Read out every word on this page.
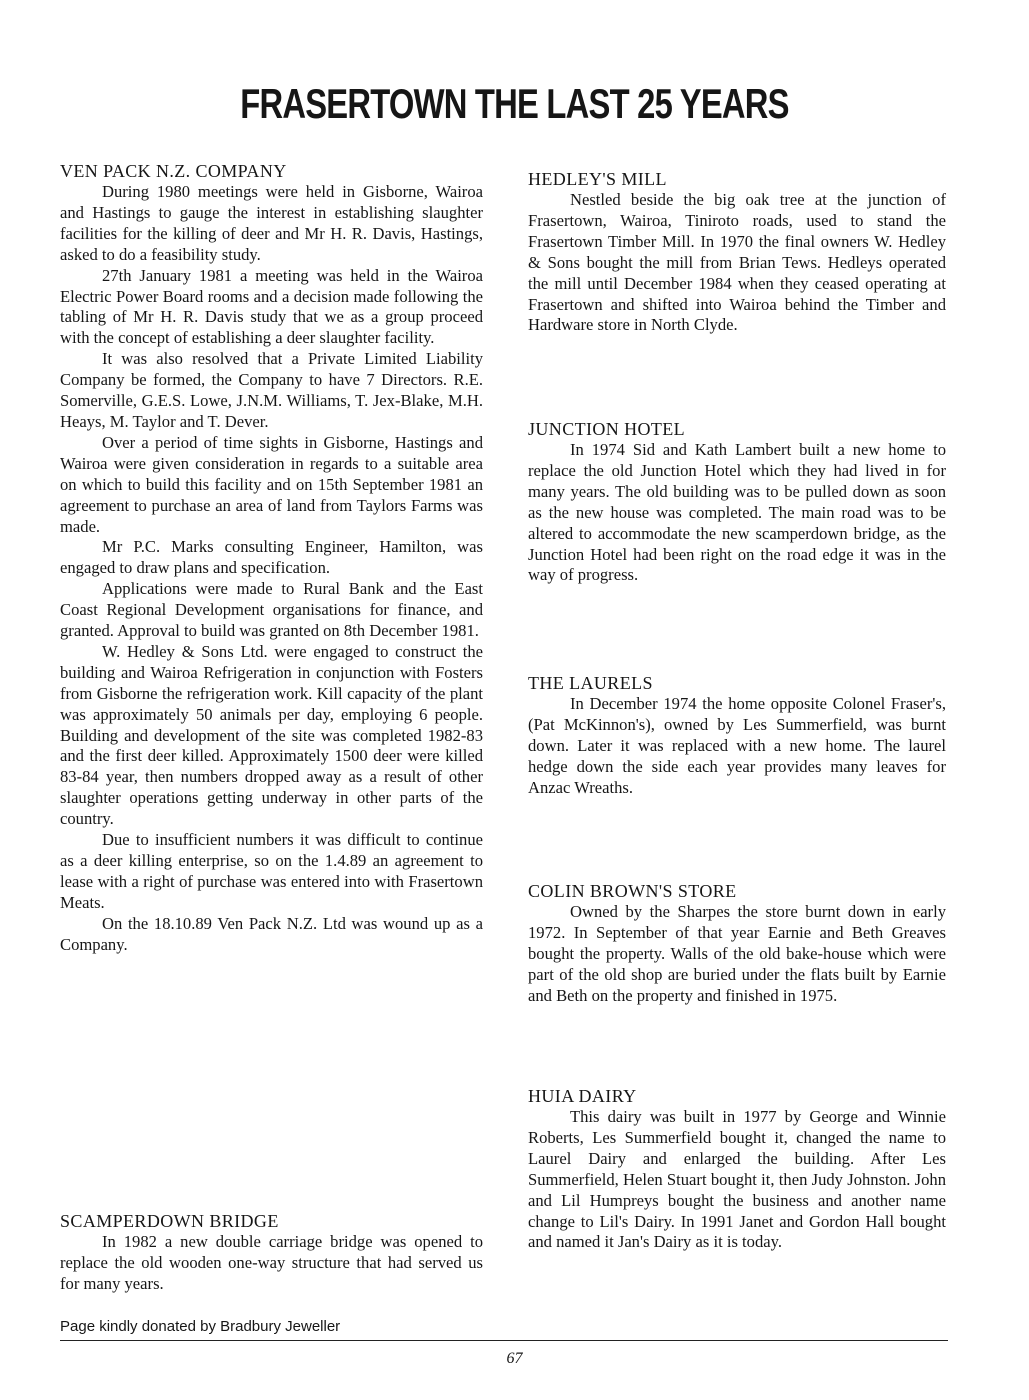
FRASERTOWN THE LAST 25 YEARS
VEN PACK N.Z. COMPANY

During 1980 meetings were held in Gisborne, Wairoa and Hastings to gauge the interest in establishing slaughter facilities for the killing of deer and Mr H. R. Davis, Hastings, asked to do a feasibility study.

27th January 1981 a meeting was held in the Wairoa Electric Power Board rooms and a decision made following the tabling of Mr H. R. Davis study that we as a group proceed with the concept of establishing a deer slaughter facility.

It was also resolved that a Private Limited Liability Company be formed, the Company to have 7 Directors. R.E. Somerville, G.E.S. Lowe, J.N.M. Williams, T. Jex-Blake, M.H. Heays, M. Taylor and T. Dever.

Over a period of time sights in Gisborne, Hastings and Wairoa were given consideration in regards to a suitable area on which to build this facility and on 15th September 1981 an agreement to purchase an area of land from Taylors Farms was made.

Mr P.C. Marks consulting Engineer, Hamilton, was engaged to draw plans and specification.

Applications were made to Rural Bank and the East Coast Regional Development organisations for finance, and granted. Approval to build was granted on 8th December 1981.

W. Hedley & Sons Ltd. were engaged to construct the building and Wairoa Refrigeration in conjunction with Fosters from Gisborne the refrigeration work. Kill capacity of the plant was approximately 50 animals per day, employing 6 people. Building and development of the site was completed 1982-83 and the first deer killed. Approximately 1500 deer were killed 83-84 year, then numbers dropped away as a result of other slaughter operations getting underway in other parts of the country.

Due to insufficient numbers it was difficult to continue as a deer killing enterprise, so on the 1.4.89 an agreement to lease with a right of purchase was entered into with Frasertown Meats.

On the 18.10.89 Ven Pack N.Z. Ltd was wound up as a Company.

SCAMPERDOWN BRIDGE

In 1982 a new double carriage bridge was opened to replace the old wooden one-way structure that had served us for many years.

HEDLEY'S MILL

Nestled beside the big oak tree at the junction of Frasertown, Wairoa, Tiniroto roads, used to stand the Frasertown Timber Mill. In 1970 the final owners W. Hedley & Sons bought the mill from Brian Tews. Hedleys operated the mill until December 1984 when they ceased operating at Frasertown and shifted into Wairoa behind the Timber and Hardware store in North Clyde.

JUNCTION HOTEL

In 1974 Sid and Kath Lambert built a new home to replace the old Junction Hotel which they had lived in for many years. The old building was to be pulled down as soon as the new house was completed. The main road was to be altered to accommodate the new scamperdown bridge, as the Junction Hotel had been right on the road edge it was in the way of progress.

THE LAURELS

In December 1974 the home opposite Colonel Fraser's, (Pat McKinnon's), owned by Les Summerfield, was burnt down. Later it was replaced with a new home. The laurel hedge down the side each year provides many leaves for Anzac Wreaths.

COLIN BROWN'S STORE

Owned by the Sharpes the store burnt down in early 1972. In September of that year Earnie and Beth Greaves bought the property. Walls of the old bake-house which were part of the old shop are buried under the flats built by Earnie and Beth on the property and finished in 1975.

HUIA DAIRY

This dairy was built in 1977 by George and Winnie Roberts, Les Summerfield bought it, changed the name to Laurel Dairy and enlarged the building. After Les Summerfield, Helen Stuart bought it, then Judy Johnston. John and Lil Humpreys bought the business and another name change to Lil's Dairy. In 1991 Janet and Gordon Hall bought and named it Jan's Dairy as it is today.

Page kindly donated by Bradbury Jeweller
67
